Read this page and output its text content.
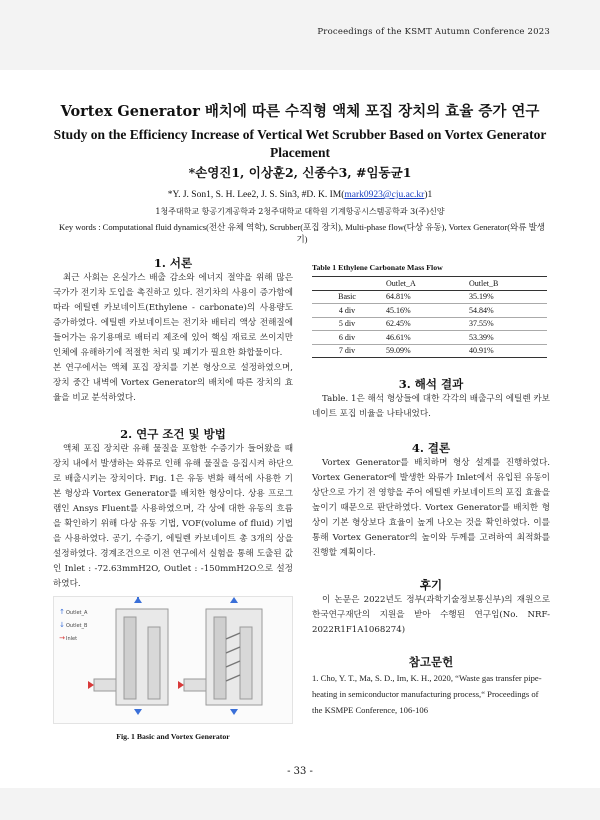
Proceedings of the KSMT Autumn Conference 2023
Vortex Generator 배치에 따른 수직형 액체 포집 장치의 효율 증가 연구
Study on the Efficiency Increase of Vertical Wet Scrubber Based on Vortex Generator Placement
*손영진1, 이상훈2, 신종수3, #임동균1
*Y. J. Son1, S. H. Lee2, J. S. Sin3, #D. K. IM(mark0923@cju.ac.kr)1
1청주대학교 항공기계공학과 2청주대학교 대학원 기계항공시스템공학과 3(주)신양
Key words : Computational fluid dynamics(전산 유체 역학), Scrubber(포집 장치), Multi-phase flow(다상 유동), Vortex Generator(와류 발생기)
1. 서론

최근 사회는 온실가스 배출 감소와 에너지 절약을 위해 많은 국가가 전기차 도입을 촉진하고 있다. 전기차의 사용이 증가함에 따라 에틸렌 카보네이트(Ethylene - carbonate)의 사용량도 증가하였다. 에틸렌 카보네이트는 전기차 배터리 액상 전해질에 들어가는 유기용매로 배터리 제조에 있어 핵심 재료로 쓰이지만 인체에 유해하기에 적절한 처리 및 폐기가 필요한 화합물이다.

본 연구에서는 액체 포집 장치를 기본 형상으로 설정하였으며, 장치 중간 내벽에 Vortex Generator의 배치에 따른 장치의 효율을 비교 분석하였다.

2. 연구 조건 및 방법

액체 포집 장치란 유해 물질을 포함한 수증기가 들어왔을 때 장치 내에서 발생하는 와류로 인해 유해 물질을 응집시켜 하단으로 배출시키는 장치이다. Fig. 1은 유동 변화 해석에 사용한 기본 형상과 Vortex Generator를 배치한 형상이다. 상용 프로그램인 Ansys Fluent를 사용하였으며, 각 상에 대한 유동의 흐름을 확인하기 위해 다상 유동 기법, VOF(volume of fluid) 기법을 사용하였다. 공기, 수증기, 에틸렌 카보네이트 총 3개의 상을 설정하였다. 경계조건으로 이전 연구에서 실험을 통해 도출된 값인 Inlet : -72.63mmH2O, Outlet : -150mmH2O으로 설정하였다.

↑Outlet_A
↓Outlet_B
→Inlet
Fig. 1 Basic and Vortex Generator
Table 1 Ethylene Carbonate Mass Flow
	Outlet_A	Outlet_B
Basic	64.81%	35.19%
4 div	45.16%	54.84%
5 div	62.45%	37.55%
6 div	46.61%	53.39%
7 div	59.09%	40.91%
3. 해석 결과

Table. 1은 해석 형상들에 대한 각각의 배출구의 에틸렌 카보네이트 포집 비율을 나타내었다.

4. 결론

Vortex Generator를 배치하며 형상 설계를 진행하였다. Vortex Generator에 발생한 와류가 Inlet에서 유입된 유동이 상단으로 가기 전 영향을 주어 에틸렌 카보네이트의 포집 효율을 높이기 때문으로 판단하였다. Vortex Generator를 배치한 형상이 기본 형상보다 효율이 높게 나오는 것을 확인하였다. 이를 통해 Vortex Generator의 높이와 두께를 고려하여 최적화를 진행할 계획이다.

후기

이 논문은 2022년도 정부(과학기술정보통신부)의 재원으로 한국연구재단의 지원을 받아 수행된 연구임(No. NRF-2022R1F1A1068274)

참고문헌

1. Cho, Y. T., Ma, S. D., Im, K. H., 2020, “Waste gas transfer pipe-heating in semiconductor manufacturing process,“ Proceedings of the KSMPE Conference, 106-106

- 33 -
